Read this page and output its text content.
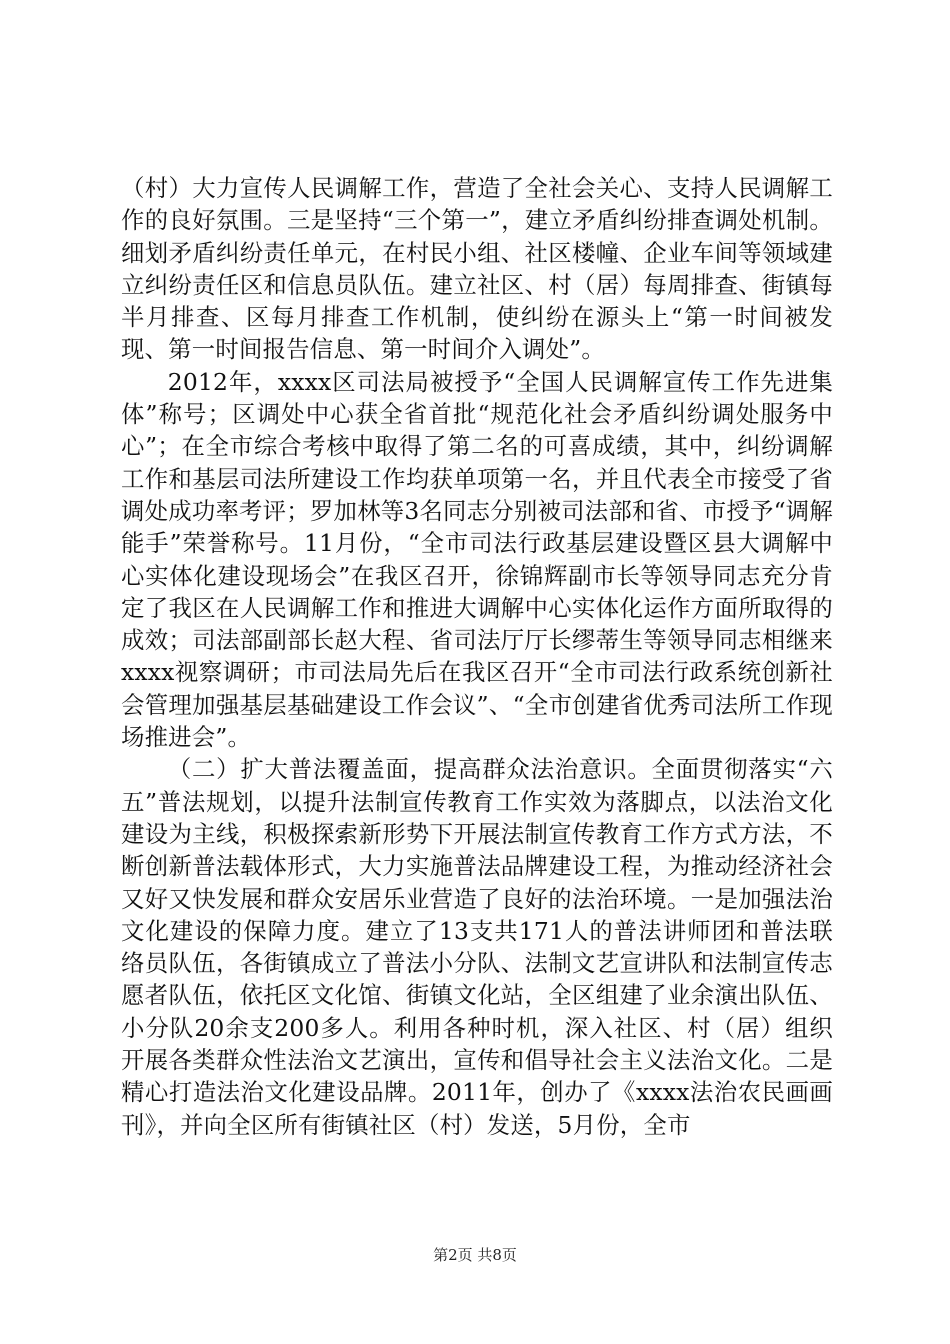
（村）大力宣传人民调解工作，营造了全社会关心、支持人民调解工作的良好氛围。三是坚持“三个第一”，建立矛盾纠纷排查调处机制。细划矛盾纠纷责任单元，在村民小组、社区楼幢、企业车间等领域建立纠纷责任区和信息员队伍。建立社区、村（居）每周排查、街镇每半月排查、区每月排查工作机制，使纠纷在源头上“第一时间被发现、第一时间报告信息、第一时间介入调处”。

2012年，xxxx区司法局被授予“全国人民调解宣传工作先进集体”称号；区调处中心获全省首批“规范化社会矛盾纠纷调处服务中心”；在全市综合考核中取得了第二名的可喜成绩，其中，纠纷调解工作和基层司法所建设工作均获单项第一名，并且代表全市接受了省调处成功率考评；罗加林等3名同志分别被司法部和省、市授予“调解能手”荣誉称号。11月份，“全市司法行政基层建设暨区县大调解中心实体化建设现场会”在我区召开，徐锦辉副市长等领导同志充分肯定了我区在人民调解工作和推进大调解中心实体化运作方面所取得的成效；司法部副部长赵大程、省司法厅厅长缪蒂生等领导同志相继来xxxx视察调研；市司法局先后在我区召开“全市司法行政系统创新社会管理加强基层基础建设工作会议”、“全市创建省优秀司法所工作现场推进会”。

（二）扩大普法覆盖面，提高群众法治意识。全面贯彻落实“六五”普法规划，以提升法制宣传教育工作实效为落脚点，以法治文化建设为主线，积极探索新形势下开展法制宣传教育工作方式方法，不断创新普法载体形式，大力实施普法品牌建设工程，为推动经济社会又好又快发展和群众安居乐业营造了良好的法治环境。一是加强法治文化建设的保障力度。建立了13支共171人的普法讲师团和普法联络员队伍，各街镇成立了普法小分队、法制文艺宣讲队和法制宣传志愿者队伍，依托区文化馆、街镇文化站，全区组建了业余演出队伍、小分队20余支200多人。利用各种时机，深入社区、村（居）组织开展各类群众性法治文艺演出，宣传和倡导社会主义法治文化。二是精心打造法治文化建设品牌。2011年，创办了《xxxx法治农民画画刊》，并向全区所有街镇社区（村）发送，5月份，全市

第2页 共8页
